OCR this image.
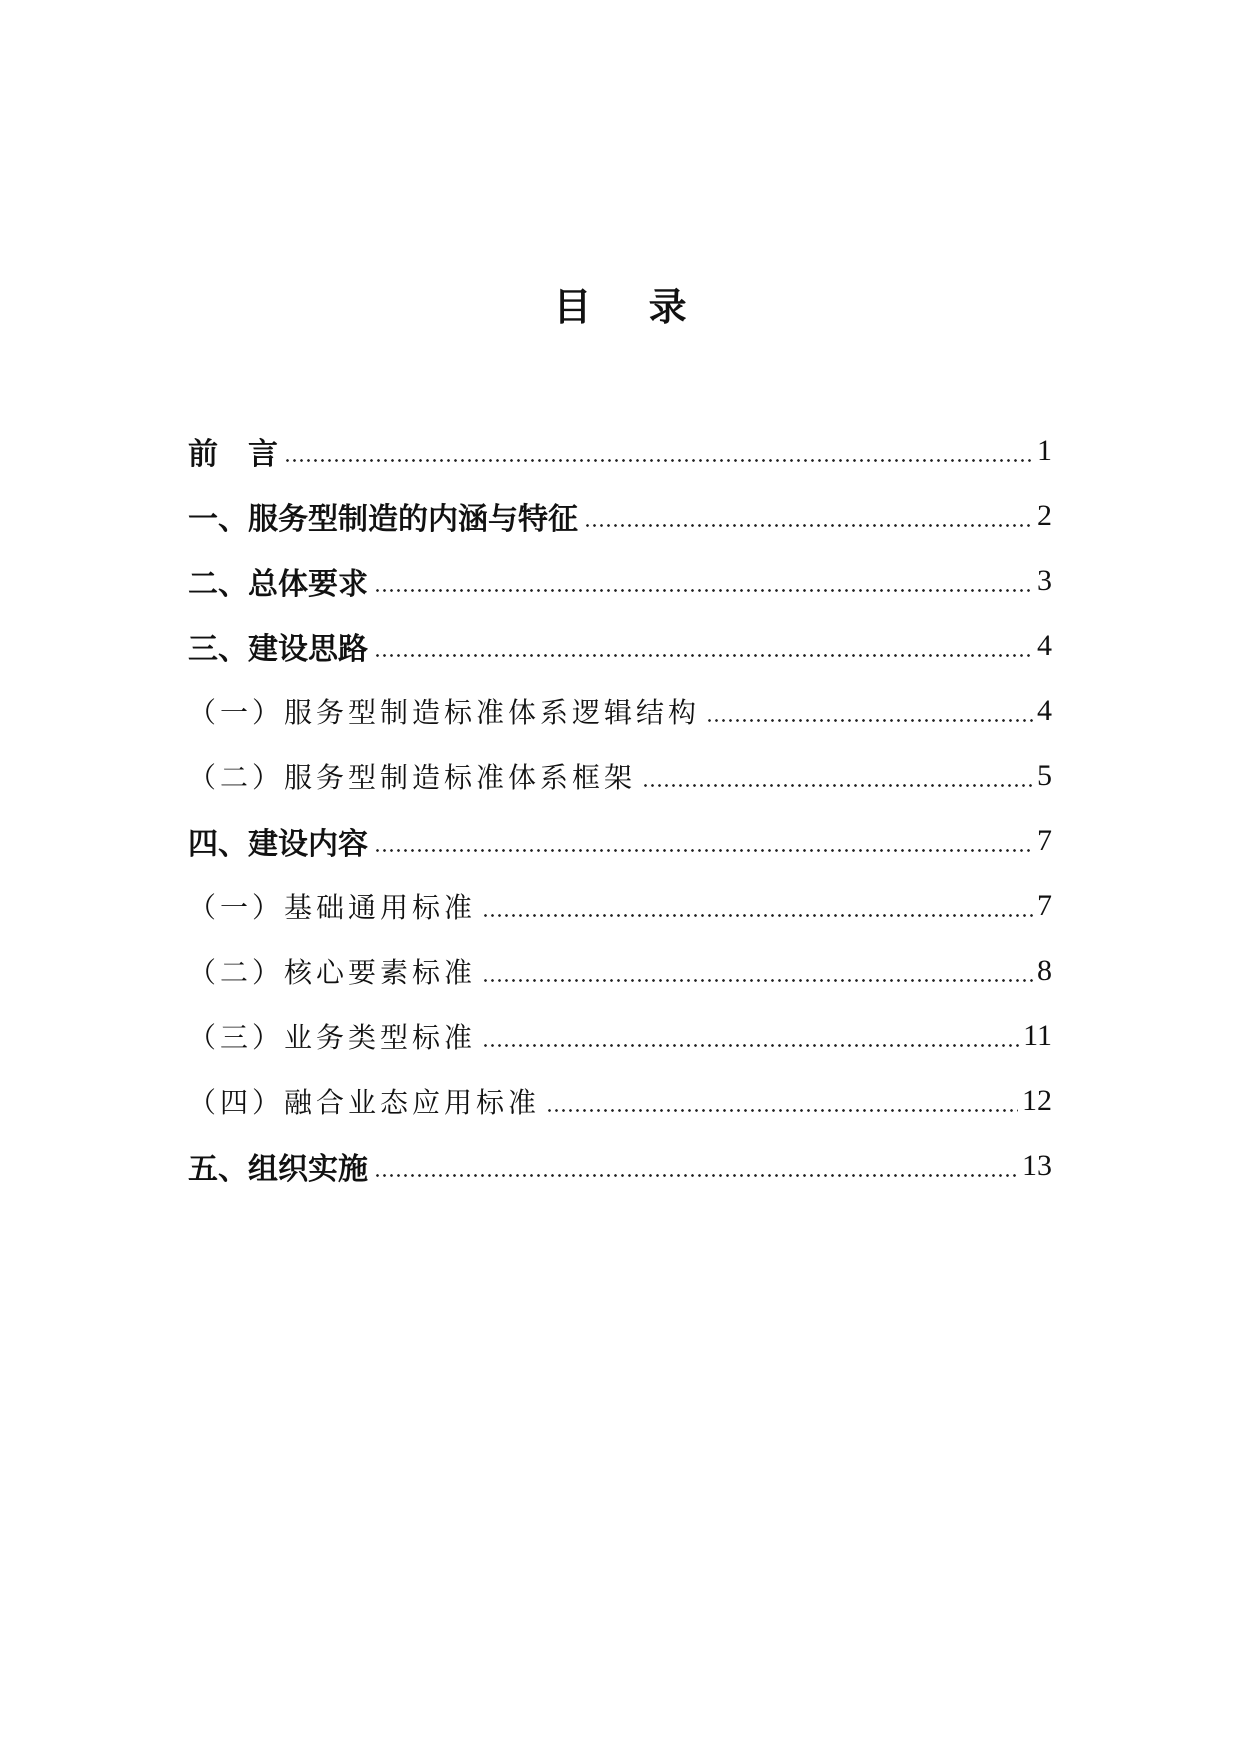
目 录
前　言	1
一、服务型制造的内涵与特征	2
二、总体要求	3
三、建设思路	4
（一）服务型制造标准体系逻辑结构	4
（二）服务型制造标准体系框架	5
四、建设内容	7
（一）基础通用标准	7
（二）核心要素标准	8
（三）业务类型标准	11
（四）融合业态应用标准	12
五、组织实施	13
